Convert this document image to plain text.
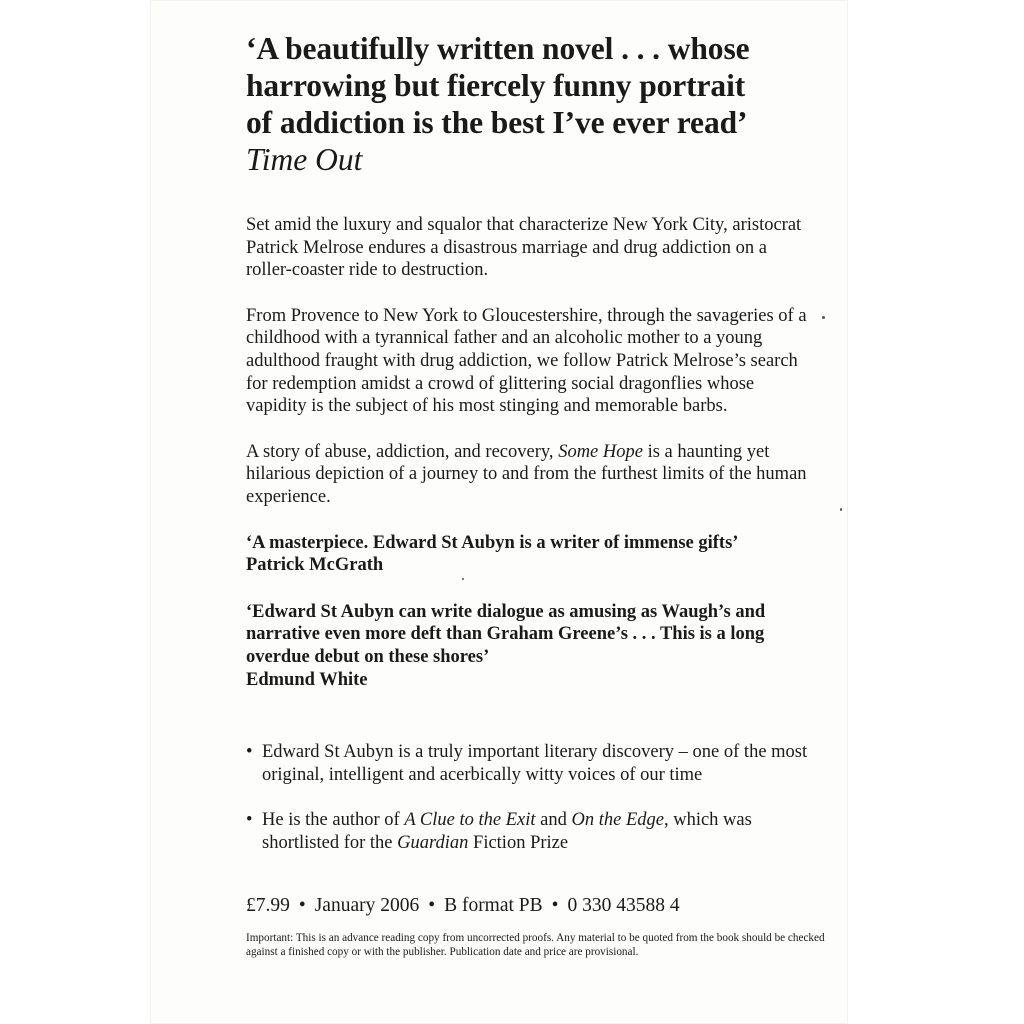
‘A beautifully written novel . . . whose
harrowing but fiercely funny portrait
of addiction is the best I’ve ever read’

Time Out

Set amid the luxury and squalor that characterize New York City, aristocrat Patrick Melrose endures a disastrous marriage and drug addiction on a roller-coaster ride to destruction.

From Provence to New York to Gloucestershire, through the savageries of a childhood with a tyrannical father and an alcoholic mother to a young adulthood fraught with drug addiction, we follow Patrick Melrose’s search for redemption amidst a crowd of glittering social dragonflies whose vapidity is the subject of his most stinging and memorable barbs.

A story of abuse, addiction, and recovery, Some Hope is a haunting yet hilarious depiction of a journey to and from the furthest limits of the human experience.

‘A masterpiece. Edward St Aubyn is a writer of immense gifts’

Patrick McGrath

‘Edward St Aubyn can write dialogue as amusing as Waugh’s and narrative even more deft than Graham Greene’s . . . This is a long overdue debut on these shores’

Edmund White

• Edward St Aubyn is a truly important literary discovery – one of the most original, intelligent and acerbically witty voices of our time
• He is the author of A Clue to the Exit and On the Edge, which was shortlisted for the Guardian Fiction Prize
£7.99 • January 2006 • B format PB • 0 330 43588 4
Important: This is an advance reading copy from uncorrected proofs. Any material to be quoted from the book should be checked against a finished copy or with the publisher. Publication date and price are provisional.
